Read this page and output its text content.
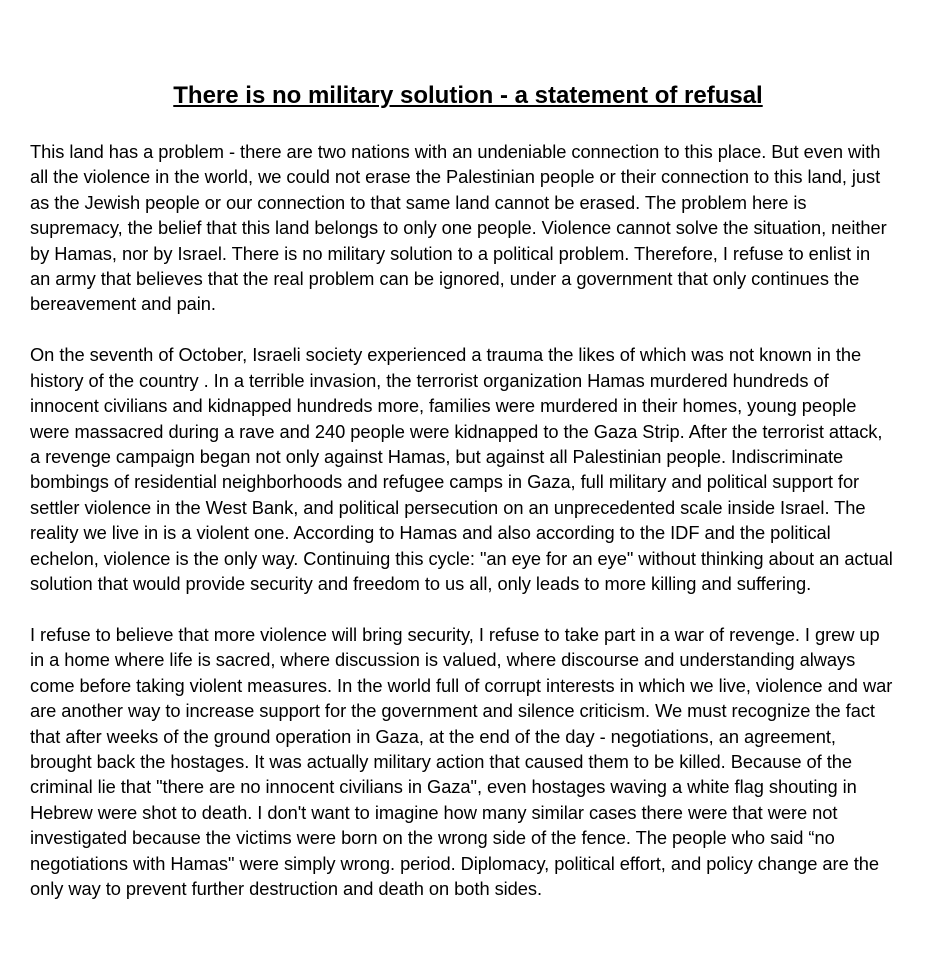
There is no military solution - a statement of refusal

This land has a problem - there are two nations with an undeniable connection to this place. But even with all the violence in the world, we could not erase the Palestinian people or their connection to this land, just as the Jewish people or our connection to that same land cannot be erased. The problem here is supremacy, the belief that this land belongs to only one people. Violence cannot solve the situation, neither by Hamas, nor by Israel. There is no military solution to a political problem. Therefore, I refuse to enlist in an army that believes that the real problem can be ignored, under a government that only continues the bereavement and pain.

On the seventh of October, Israeli society experienced a trauma the likes of which was not known in the history of the country . In a terrible invasion, the terrorist organization Hamas murdered hundreds of innocent civilians and kidnapped hundreds more, families were murdered in their homes, young people were massacred during a rave and 240 people were kidnapped to the Gaza Strip. After the terrorist attack, a revenge campaign began not only against Hamas, but against all Palestinian people. Indiscriminate bombings of residential neighborhoods and refugee camps in Gaza, full military and political support for settler violence in the West Bank, and political persecution on an unprecedented scale inside Israel. The reality we live in is a violent one. According to Hamas and also according to the IDF and the political echelon, violence is the only way. Continuing this cycle: "an eye for an eye" without thinking about an actual solution that would provide security and freedom to us all, only leads to more killing and suffering.

I refuse to believe that more violence will bring security, I refuse to take part in a war of revenge. I grew up in a home where life is sacred, where discussion is valued, where discourse and understanding always come before taking violent measures. In the world full of corrupt interests in which we live, violence and war are another way to increase support for the government and silence criticism. We must recognize the fact that after weeks of the ground operation in Gaza, at the end of the day - negotiations, an agreement, brought back the hostages. It was actually military action that caused them to be killed. Because of the criminal lie that "there are no innocent civilians in Gaza", even hostages waving a white flag shouting in Hebrew were shot to death. I don't want to imagine how many similar cases there were that were not investigated because the victims were born on the wrong side of the fence. The people who said “no negotiations with Hamas" were simply wrong. period. Diplomacy, political effort, and policy change are the only way to prevent further destruction and death on both sides.
